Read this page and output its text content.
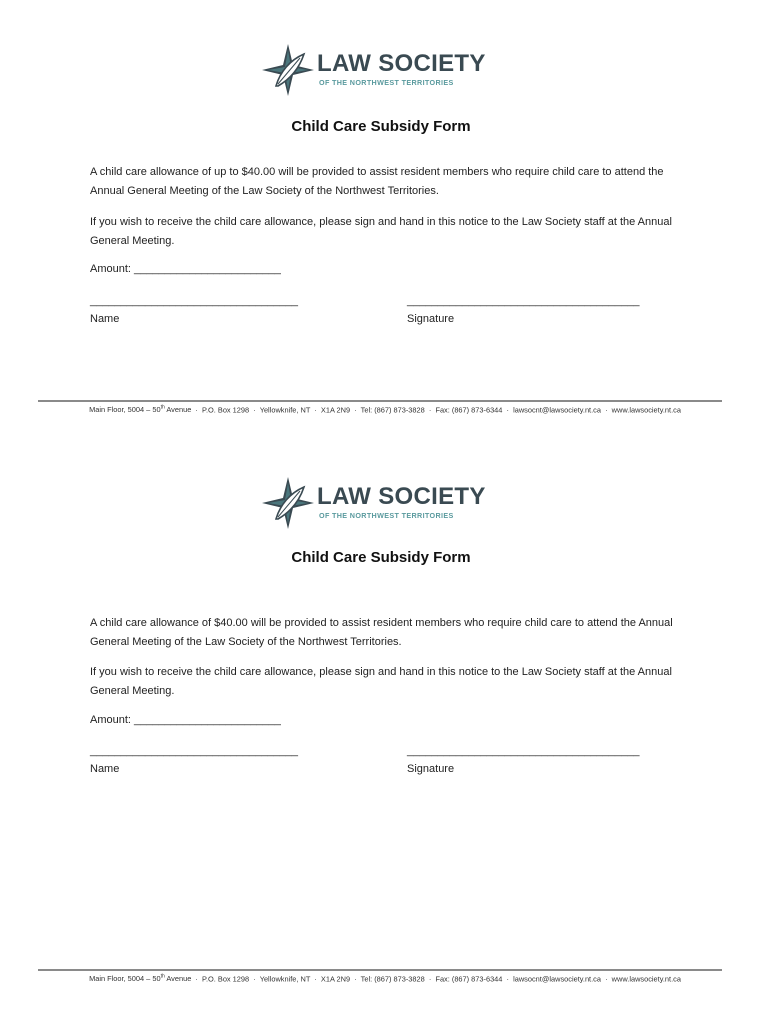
LAW SOCIETY
OF THE NORTHWEST TERRITORIES
Child Care Subsidy Form
A child care allowance of up to $40.00 will be provided to assist resident members who require child care to attend the Annual General Meeting of the Law Society of the Northwest Territories.
If you wish to receive the child care allowance, please sign and hand in this notice to the Law Society staff at the Annual General Meeting.
Amount: ________________________
__________________________________	______________________________________
Name	Signature
Main Floor, 5004 – 50th Avenue · P.O. Box 1298 · Yellowknife, NT · X1A 2N9 · Tel: (867) 873-3828 · Fax: (867) 873-6344 · lawsocnt@lawsociety.nt.ca · www.lawsociety.nt.ca
LAW SOCIETY
OF THE NORTHWEST TERRITORIES
Child Care Subsidy Form
A child care allowance of $40.00 will be provided to assist resident members who require child care to attend the Annual General Meeting of the Law Society of the Northwest Territories.
If you wish to receive the child care allowance, please sign and hand in this notice to the Law Society staff at the Annual General Meeting.
Amount: ________________________
__________________________________	______________________________________
Name	Signature
Main Floor, 5004 – 50th Avenue · P.O. Box 1298 · Yellowknife, NT · X1A 2N9 · Tel: (867) 873-3828 · Fax: (867) 873-6344 · lawsocnt@lawsociety.nt.ca · www.lawsociety.nt.ca
